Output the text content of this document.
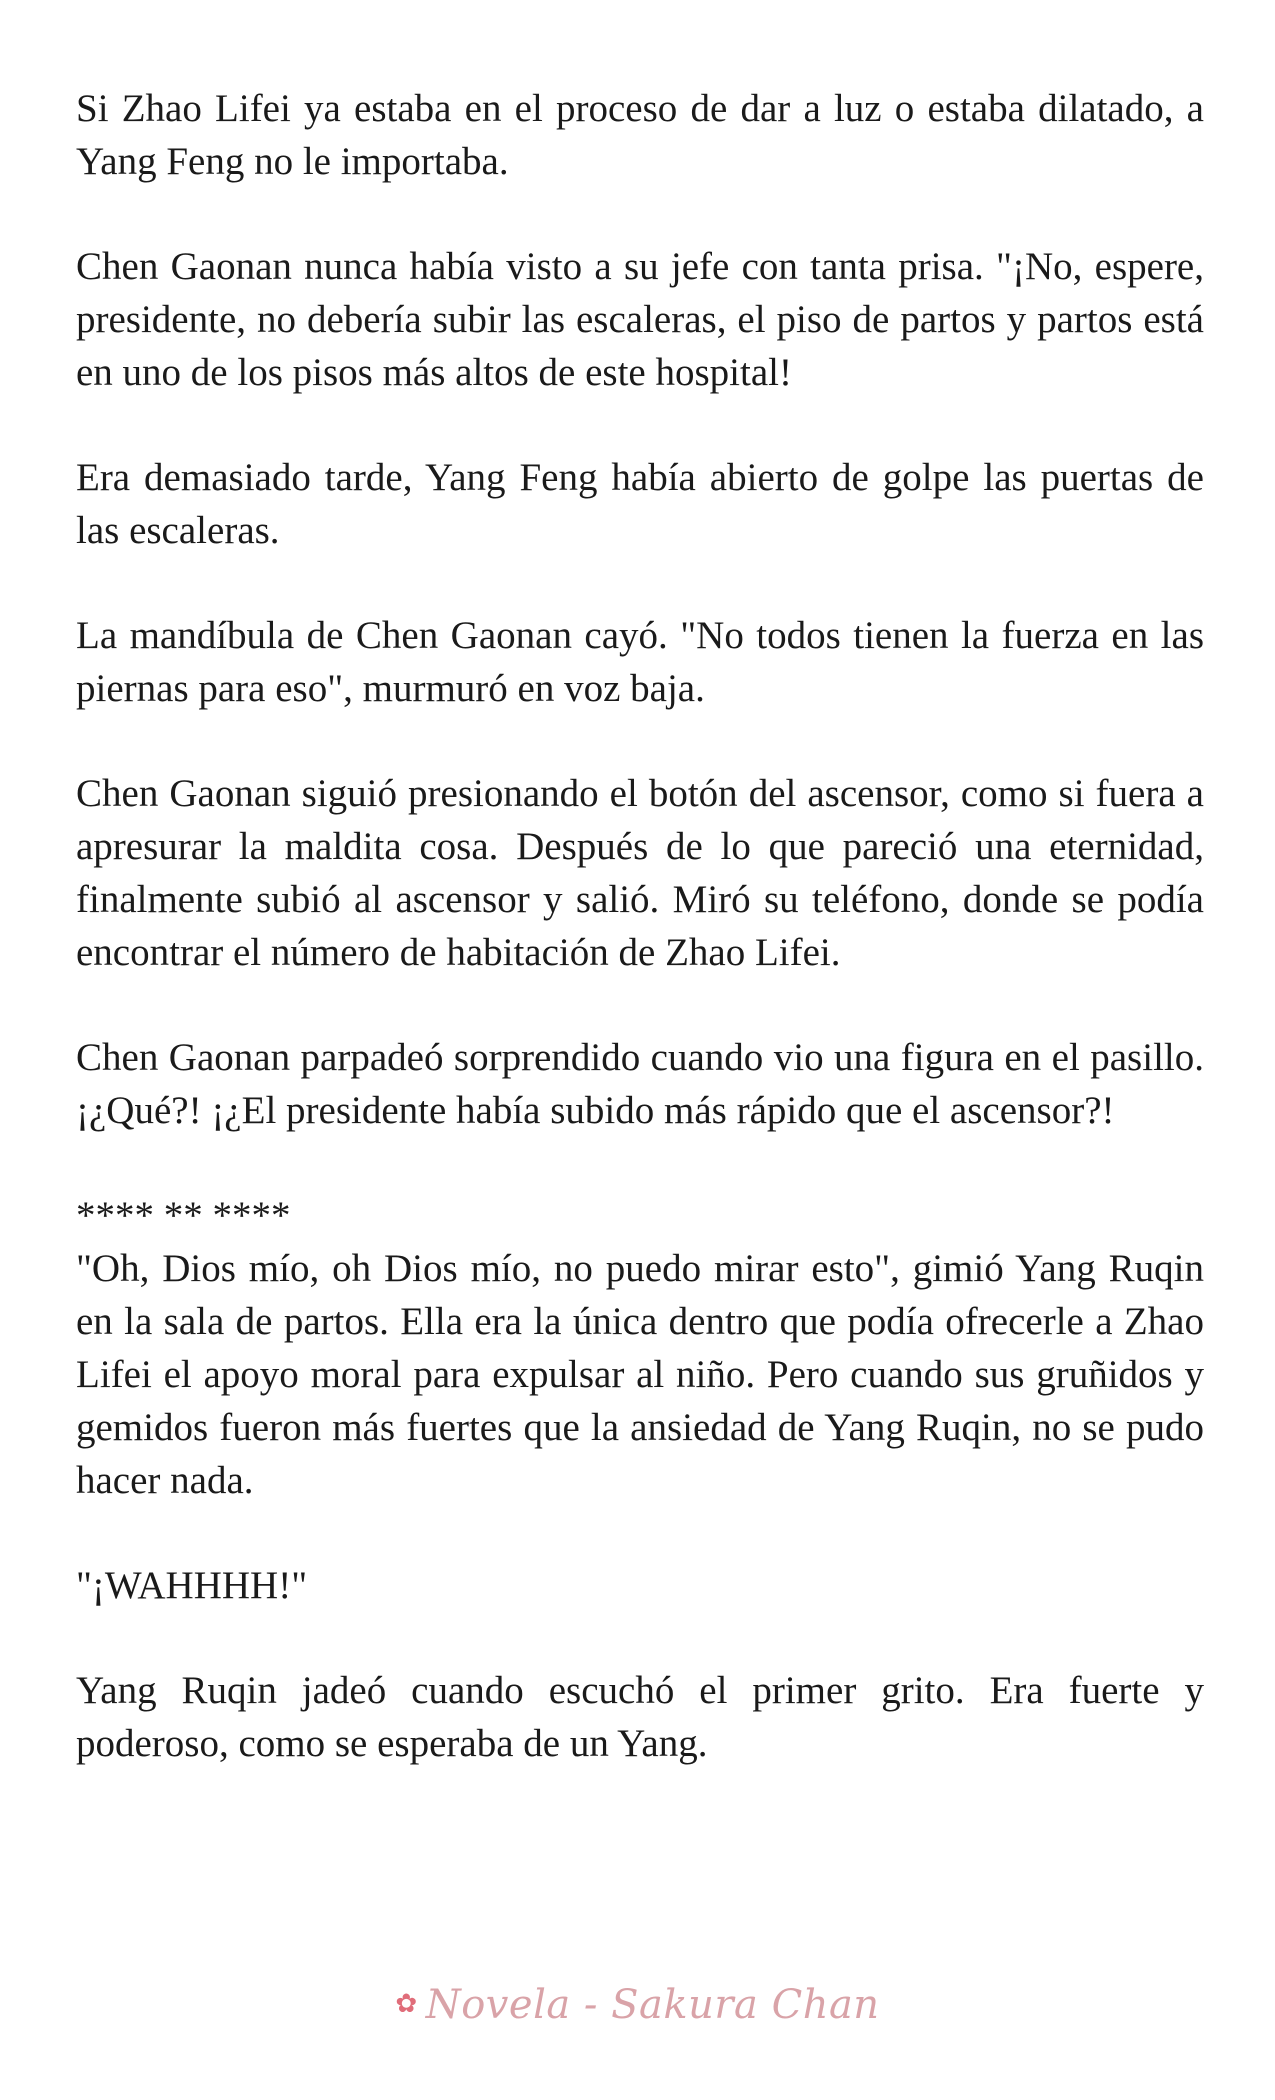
Si Zhao Lifei ya estaba en el proceso de dar a luz o estaba dilatado, a Yang Feng no le importaba.

Chen Gaonan nunca había visto a su jefe con tanta prisa. "¡No, espere, presidente, no debería subir las escaleras, el piso de partos y partos está en uno de los pisos más altos de este hospital!

Era demasiado tarde, Yang Feng había abierto de golpe las puertas de las escaleras.

La mandíbula de Chen Gaonan cayó. "No todos tienen la fuerza en las piernas para eso", murmuró en voz baja.

Chen Gaonan siguió presionando el botón del ascensor, como si fuera a apresurar la maldita cosa. Después de lo que pareció una eternidad, finalmente subió al ascensor y salió. Miró su teléfono, donde se podía encontrar el número de habitación de Zhao Lifei.

Chen Gaonan parpadeó sorprendido cuando vio una figura en el pasillo. ¡¿Qué?! ¡¿El presidente había subido más rápido que el ascensor?!

**** ** ****

"Oh, Dios mío, oh Dios mío, no puedo mirar esto", gimió Yang Ruqin en la sala de partos. Ella era la única dentro que podía ofrecerle a Zhao Lifei el apoyo moral para expulsar al niño. Pero cuando sus gruñidos y gemidos fueron más fuertes que la ansiedad de Yang Ruqin, no se pudo hacer nada.

"¡WAHHHH!"

Yang Ruqin jadeó cuando escuchó el primer grito. Era fuerte y poderoso, como se esperaba de un Yang.

✿ Novela - Sakura Chan
